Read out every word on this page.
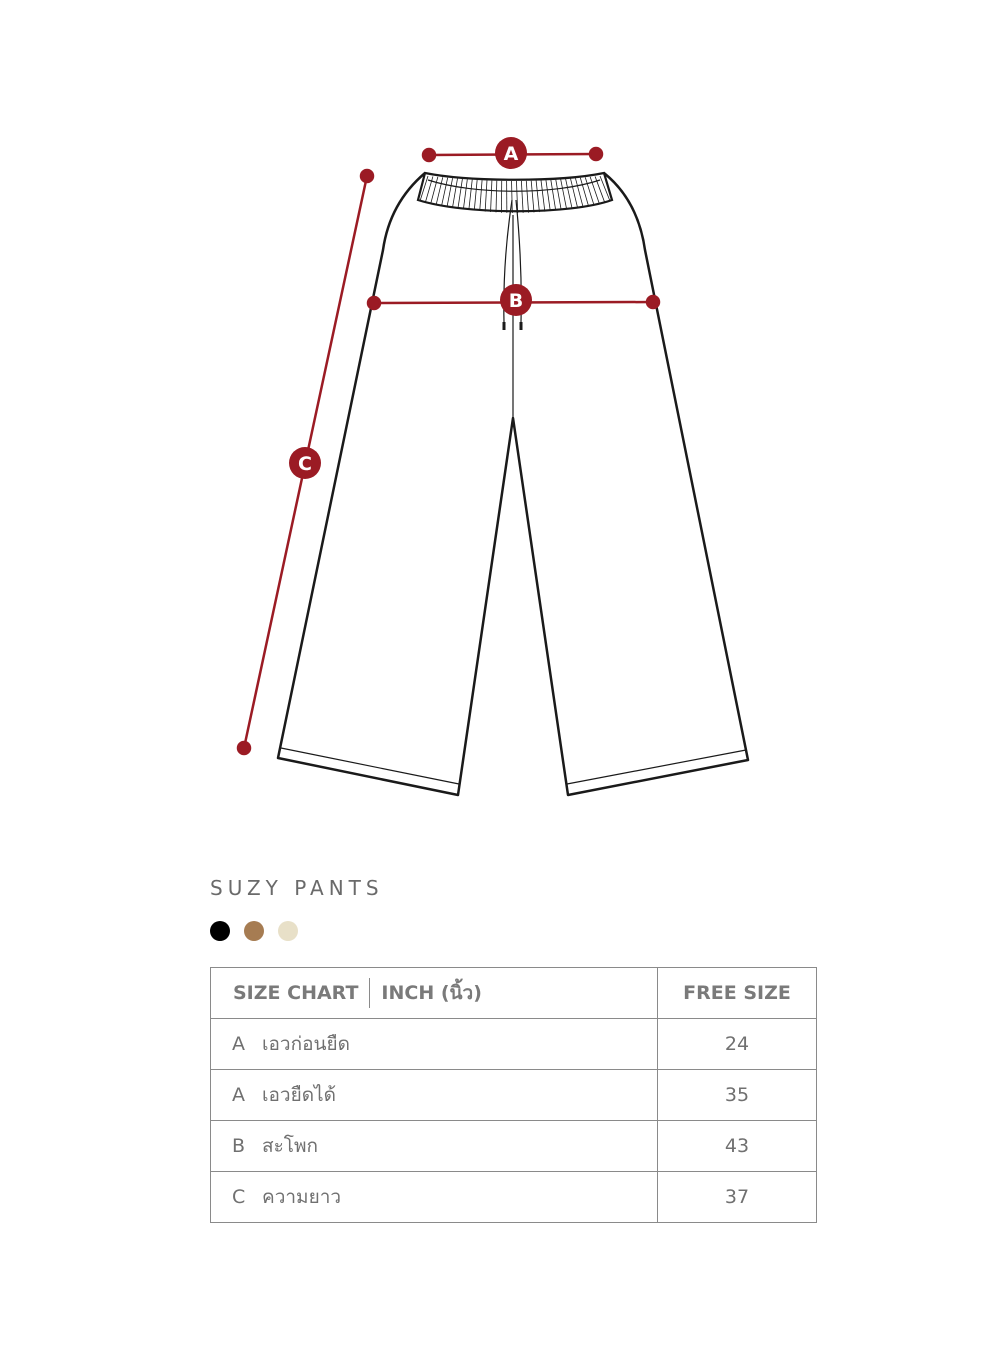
A
B
C
SUZY PANTS
SIZE CHART INCH (นิ้ว)	FREE SIZE
A เอวก่อนยืด	24
A เอวยืดได้	35
B สะโพก	43
C ความยาว	37
